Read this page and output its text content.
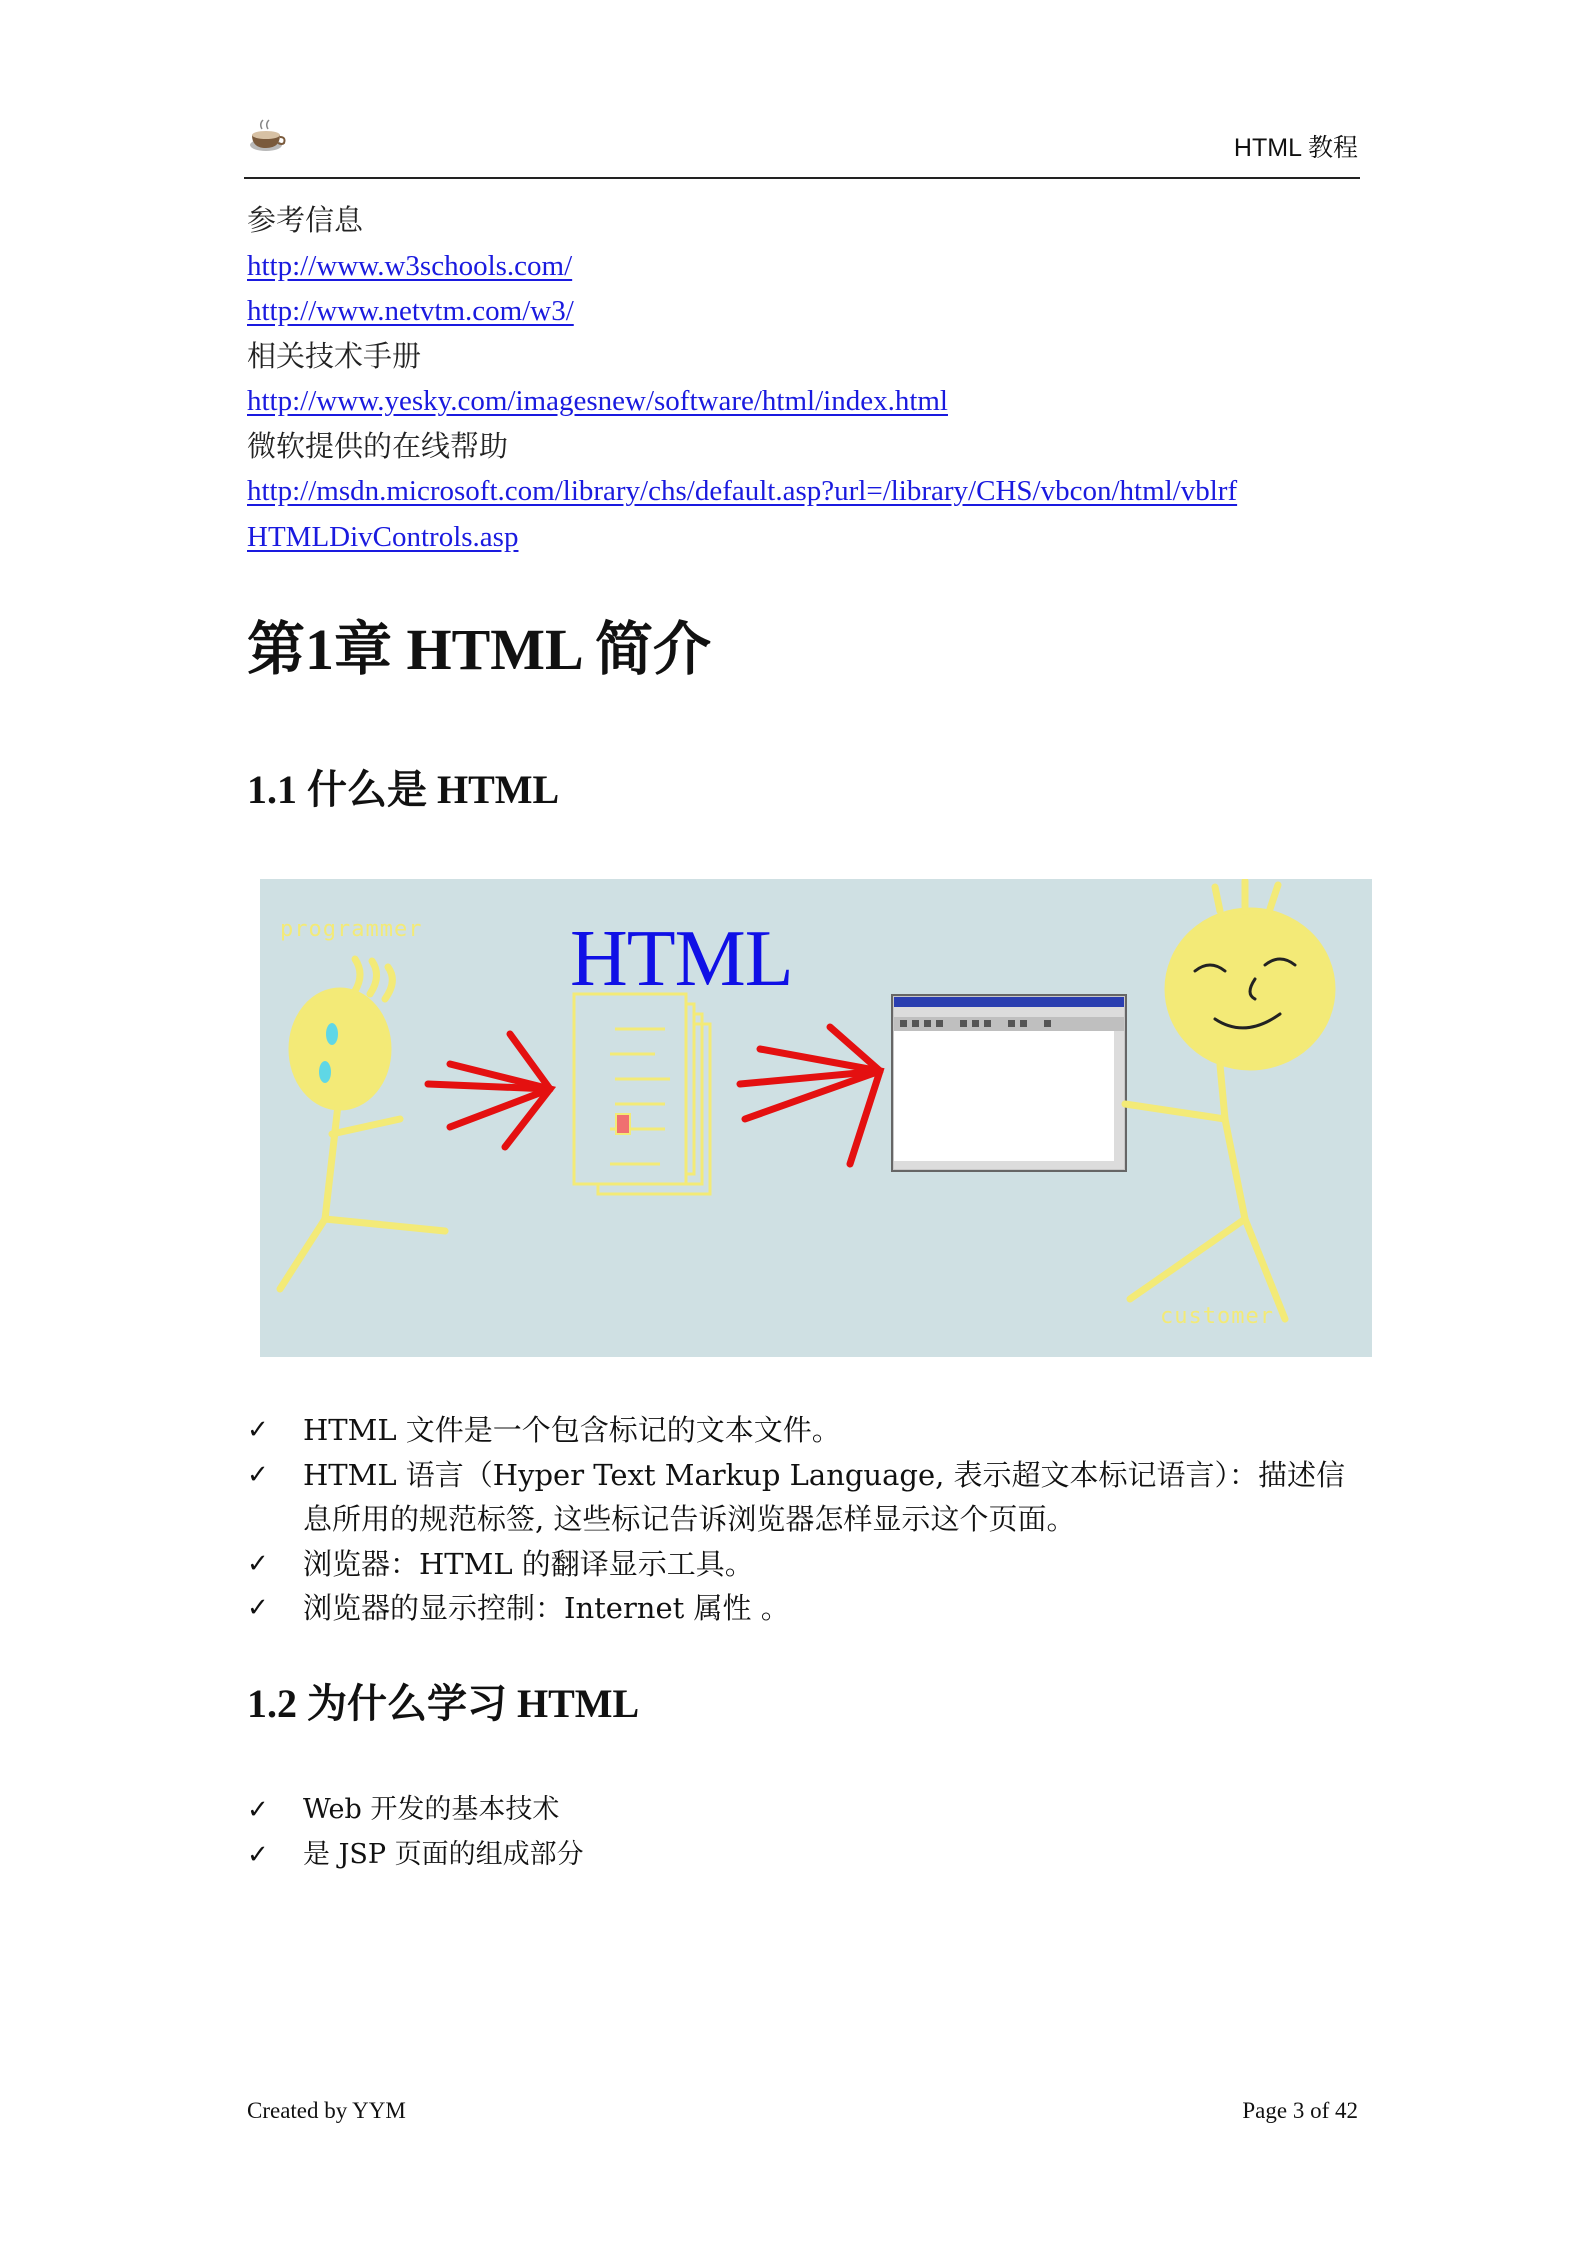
HTML 教程
参考信息
http://www.w3schools.com/
http://www.netvtm.com/w3/
相关技术手册
http://www.yesky.com/imagesnew/software/html/index.html
微软提供的在线帮助
http://msdn.microsoft.com/library/chs/default.asp?url=/library/CHS/vbcon/html/vblrf
HTMLDivControls.asp
第1章 HTML 简介
1.1 什么是 HTML
programmer HTML
customer
✓ HTML 文件是一个包含标记的文本文件。
✓ HTML 语言（Hyper Text Markup Language, 表示超文本标记语言）：描述信息所用的规范标签, 这些标记告诉浏览器怎样显示这个页面。
✓ 浏览器：HTML 的翻译显示工具。
✓ 浏览器的显示控制：Internet 属性 。
1.2 为什么学习 HTML
✓ Web 开发的基本技术
✓ 是 JSP 页面的组成部分
Created by YYM	Page 3 of 42
